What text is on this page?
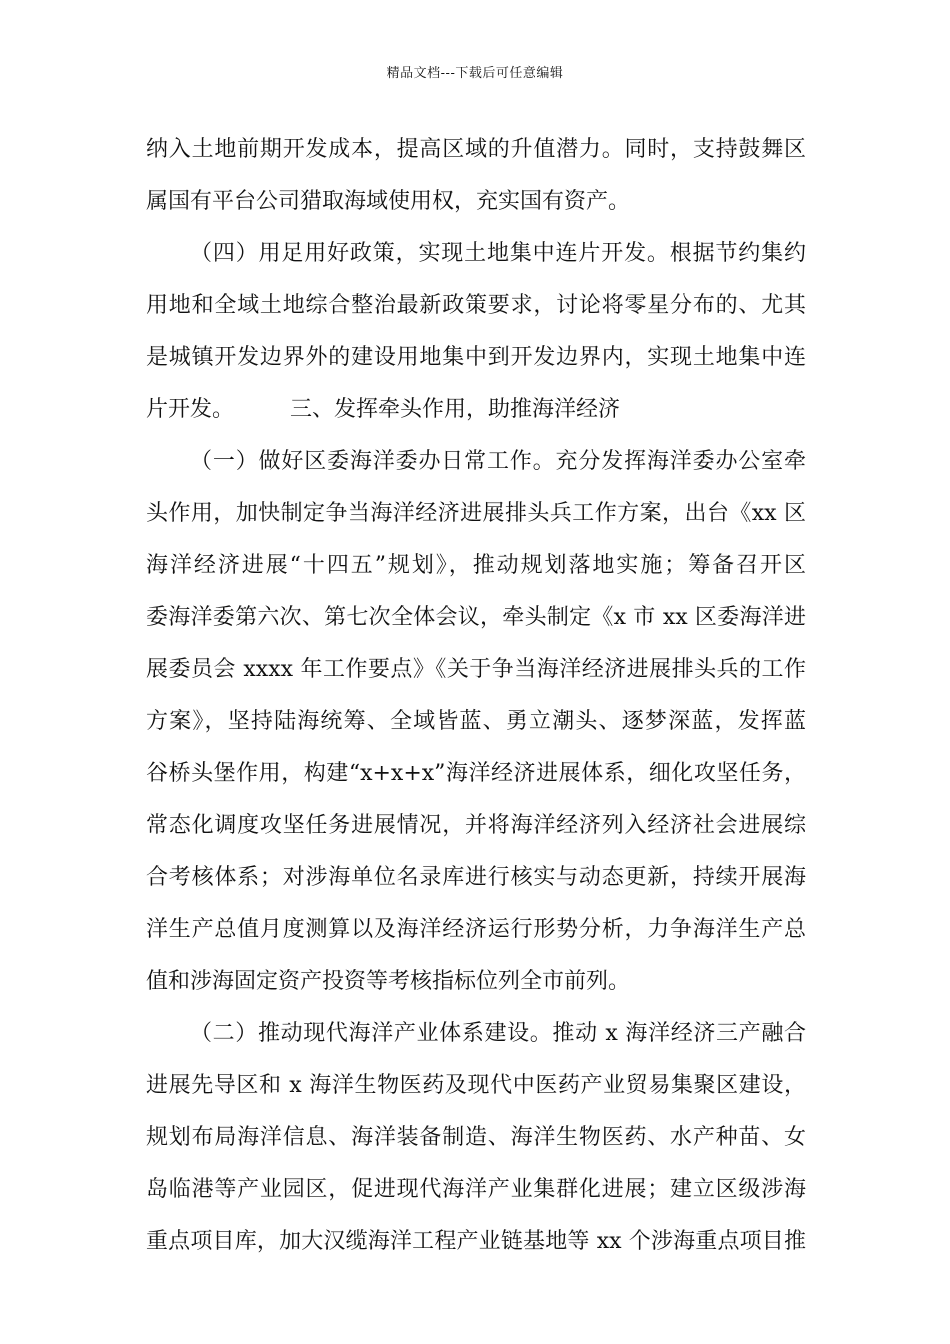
精品文档---下载后可任意编辑
纳入土地前期开发成本，提高区域的升值潜力。同时，支持鼓舞区
属国有平台公司猎取海域使用权，充实国有资产。
（四）用足用好政策，实现土地集中连片开发。根据节约集约
用地和全域土地综合整治最新政策要求，讨论将零星分布的、尤其
是城镇开发边界外的建设用地集中到开发边界内，实现土地集中连
片开发。        三、发挥牵头作用，助推海洋经济
（一）做好区委海洋委办日常工作。充分发挥海洋委办公室牵
头作用，加快制定争当海洋经济进展排头兵工作方案，出台《xx 区
海洋经济进展“十四五”规划》，推动规划落地实施；筹备召开区
委海洋委第六次、第七次全体会议，牵头制定《x 市 xx 区委海洋进
展委员会 xxxx 年工作要点》《关于争当海洋经济进展排头兵的工作
方案》，坚持陆海统筹、全域皆蓝、勇立潮头、逐梦深蓝，发挥蓝
谷桥头堡作用，构建“x+x+x”海洋经济进展体系，细化攻坚任务，
常态化调度攻坚任务进展情况，并将海洋经济列入经济社会进展综
合考核体系；对涉海单位名录库进行核实与动态更新，持续开展海
洋生产总值月度测算以及海洋经济运行形势分析，力争海洋生产总
值和涉海固定资产投资等考核指标位列全市前列。
（二）推动现代海洋产业体系建设。推动 x 海洋经济三产融合
进展先导区和 x 海洋生物医药及现代中医药产业贸易集聚区建设，
规划布局海洋信息、海洋装备制造、海洋生物医药、水产种苗、女
岛临港等产业园区，促进现代海洋产业集群化进展；建立区级涉海
重点项目库，加大汉缆海洋工程产业链基地等 xx 个涉海重点项目推
